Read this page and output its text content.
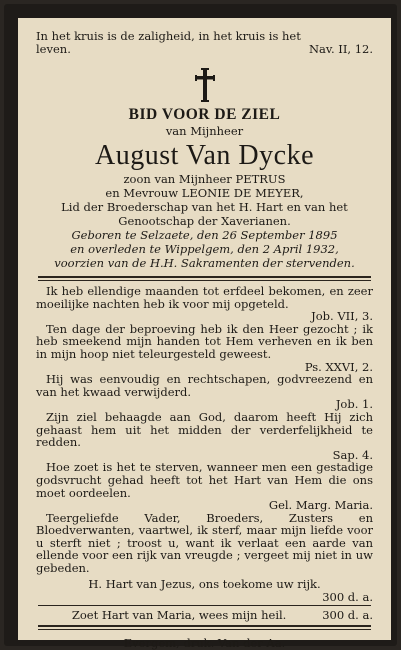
In het kruis is de zaligheid, in het kruis is het
leven.	Nav. II, 12.
BID VOOR DE ZIEL
van Mijnheer
August Van Dycke
zoon van Mijnheer PETRUS
en Mevrouw LEONIE DE MEYER,
Lid der Broederschap van het H. Hart en van het
Genootschap der Xaverianen.
Geboren te Selzaete, den 26 September 1895
en overleden te Wippelgem, den 2 April 1932,
voorzien van de H.H. Sakramenten der stervenden.

Ik heb ellendige maanden tot erfdeel bekomen, en zeer moeilijke nachten heb ik voor mij opgeteld.

Job. VII, 3.

Ten dage der beproeving heb ik den Heer gezocht ; ik heb smeekend mijn handen tot Hem verheven en ik ben in mijn hoop niet teleurgesteld geweest.

Ps. XXVI, 2.

Hij was eenvoudig en rechtschapen, godvreezend en van het kwaad verwijderd.

Job. 1.

Zijn ziel behaagde aan God, daarom heeft Hij zich gehaast hem uit het midden der verderfelijkheid te redden.

Sap. 4.

Hoe zoet is het te sterven, wanneer men een gestadige godsvrucht gehad heeft tot het Hart van Hem die ons moet oordeelen.

Gel. Marg. Maria.

Teergeliefde Vader, Broeders, Zusters en Bloedverwanten, vaartwel, ik sterf, maar mijn liefde voor u sterft niet ; troost u, want ik verlaat een aarde van ellende voor een rijk van vreugde ; vergeet mij niet in uw gebeden.

H. Hart van Jezus, ons toekome uw rijk.

300 d. a.

Zoet Hart van Maria, wees mijn heil.	300 d. a.
Evergem, druk. Van der Aa.
